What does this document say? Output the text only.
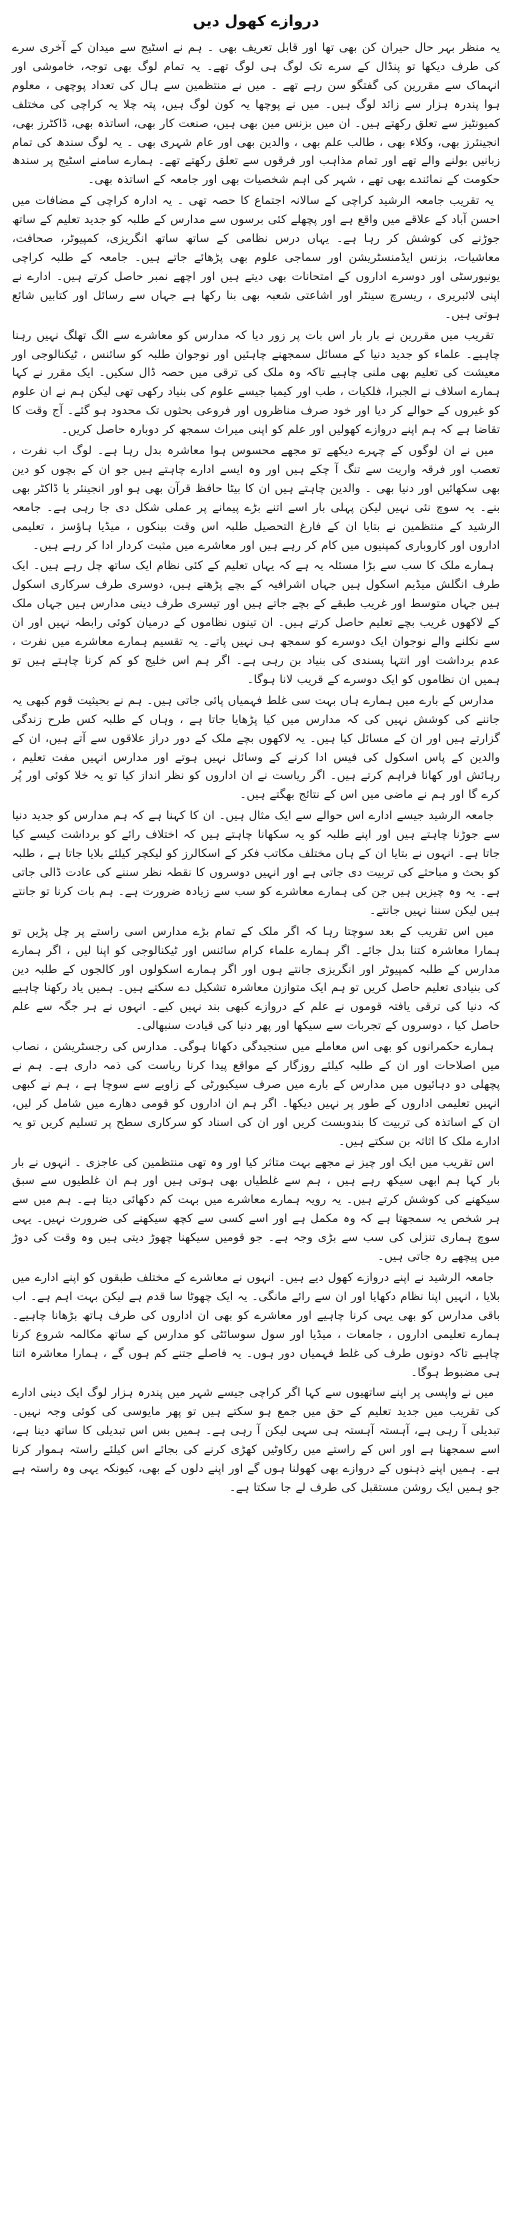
دروازے کھول دیں

یہ منظر بہر حال حیران کن بھی تھا اور قابل تعریف بھی ۔ ہم نے اسٹیج سے میدان کے آخری سرے کی طرف دیکھا تو پنڈال کے سرے تک لوگ ہی لوگ تھے۔ یہ تمام لوگ بھی توجہ، خاموشی اور انہماک سے مقررین کی گفتگو سن رہے تھے ۔ میں نے منتظمین سے ہال کی تعداد پوچھی ، معلوم ہوا پندرہ ہزار سے زائد لوگ ہیں۔ میں نے پوچھا یہ کون لوگ ہیں، پتہ چلا یہ کراچی کی مختلف کمیونٹیز سے تعلق رکھتے ہیں۔ ان میں بزنس مین بھی ہیں، صنعت کار بھی، اساتذہ بھی، ڈاکٹرز بھی، انجینئرز بھی، وکلاء بھی ، طالب علم بھی ، والدین بھی اور عام شہری بھی ۔ یہ لوگ سندھ کی تمام زبانیں بولنے والے تھے اور تمام مذاہب اور فرقوں سے تعلق رکھتے تھے۔ ہمارے سامنے اسٹیج پر سندھ حکومت کے نمائندے بھی تھے ، شہر کی اہم شخصیات بھی اور جامعہ کے اساتذہ بھی۔

یہ تقریب جامعہ الرشید کراچی کے سالانہ اجتماع کا حصہ تھی ۔ یہ ادارہ کراچی کے مضافات میں احسن آباد کے علاقے میں واقع ہے اور پچھلے کئی برسوں سے مدارس کے طلبہ کو جدید تعلیم کے ساتھ جوڑنے کی کوشش کر رہا ہے۔ یہاں درس نظامی کے ساتھ ساتھ انگریزی، کمپیوٹر، صحافت، معاشیات، بزنس ایڈمنسٹریشن اور سماجی علوم بھی پڑھائے جاتے ہیں۔ جامعہ کے طلبہ کراچی یونیورسٹی اور دوسرے اداروں کے امتحانات بھی دیتے ہیں اور اچھے نمبر حاصل کرتے ہیں۔ ادارے نے اپنی لائبریری ، ریسرچ سینٹر اور اشاعتی شعبہ بھی بنا رکھا ہے جہاں سے رسائل اور کتابیں شائع ہوتی ہیں۔

تقریب میں مقررین نے بار بار اس بات پر زور دیا کہ مدارس کو معاشرے سے الگ تھلگ نہیں رہنا چاہیے۔ علماء کو جدید دنیا کے مسائل سمجھنے چاہئیں اور نوجوان طلبہ کو سائنس ، ٹیکنالوجی اور معیشت کی تعلیم بھی ملنی چاہیے تاکہ وہ ملک کی ترقی میں حصہ ڈال سکیں۔ ایک مقرر نے کہا ہمارے اسلاف نے الجبرا، فلکیات ، طب اور کیمیا جیسے علوم کی بنیاد رکھی تھی لیکن ہم نے ان علوم کو غیروں کے حوالے کر دیا اور خود صرف مناظروں اور فروعی بحثوں تک محدود ہو گئے۔ آج وقت کا تقاضا ہے کہ ہم اپنے دروازے کھولیں اور علم کو اپنی میراث سمجھ کر دوبارہ حاصل کریں۔

میں نے ان لوگوں کے چہرے دیکھے تو مجھے محسوس ہوا معاشرہ بدل رہا ہے۔ لوگ اب نفرت ، تعصب اور فرقہ واریت سے تنگ آ چکے ہیں اور وہ ایسے ادارے چاہتے ہیں جو ان کے بچوں کو دین بھی سکھائیں اور دنیا بھی ۔ والدین چاہتے ہیں ان کا بیٹا حافظ قرآن بھی ہو اور انجینئر یا ڈاکٹر بھی بنے۔ یہ سوچ نئی نہیں لیکن پہلی بار اسے اتنے بڑے پیمانے پر عملی شکل دی جا رہی ہے۔ جامعہ الرشید کے منتظمین نے بتایا ان کے فارغ التحصیل طلبہ اس وقت بینکوں ، میڈیا ہاؤسز ، تعلیمی اداروں اور کاروباری کمپنیوں میں کام کر رہے ہیں اور معاشرے میں مثبت کردار ادا کر رہے ہیں۔

ہمارے ملک کا سب سے بڑا مسئلہ یہ ہے کہ یہاں تعلیم کے کئی نظام ایک ساتھ چل رہے ہیں۔ ایک طرف انگلش میڈیم اسکول ہیں جہاں اشرافیہ کے بچے پڑھتے ہیں، دوسری طرف سرکاری اسکول ہیں جہاں متوسط اور غریب طبقے کے بچے جاتے ہیں اور تیسری طرف دینی مدارس ہیں جہاں ملک کے لاکھوں غریب بچے تعلیم حاصل کرتے ہیں۔ ان تینوں نظاموں کے درمیان کوئی رابطہ نہیں اور ان سے نکلنے والے نوجوان ایک دوسرے کو سمجھ ہی نہیں پاتے۔ یہ تقسیم ہمارے معاشرے میں نفرت ، عدم برداشت اور انتہا پسندی کی بنیاد بن رہی ہے۔ اگر ہم اس خلیج کو کم کرنا چاہتے ہیں تو ہمیں ان نظاموں کو ایک دوسرے کے قریب لانا ہوگا۔

مدارس کے بارے میں ہمارے ہاں بہت سی غلط فہمیاں پائی جاتی ہیں۔ ہم نے بحیثیت قوم کبھی یہ جاننے کی کوشش نہیں کی کہ مدارس میں کیا پڑھایا جاتا ہے ، وہاں کے طلبہ کس طرح زندگی گزارتے ہیں اور ان کے مسائل کیا ہیں۔ یہ لاکھوں بچے ملک کے دور دراز علاقوں سے آتے ہیں، ان کے والدین کے پاس اسکول کی فیس ادا کرنے کے وسائل نہیں ہوتے اور مدارس انہیں مفت تعلیم ، رہائش اور کھانا فراہم کرتے ہیں۔ اگر ریاست نے ان اداروں کو نظر انداز کیا تو یہ خلا کوئی اور پُر کرے گا اور ہم نے ماضی میں اس کے نتائج بھگتے ہیں۔

جامعہ الرشید جیسے ادارے اس حوالے سے ایک مثال ہیں۔ ان کا کہنا ہے کہ ہم مدارس کو جدید دنیا سے جوڑنا چاہتے ہیں اور اپنے طلبہ کو یہ سکھانا چاہتے ہیں کہ اختلاف رائے کو برداشت کیسے کیا جاتا ہے۔ انہوں نے بتایا ان کے ہاں مختلف مکاتب فکر کے اسکالرز کو لیکچر کیلئے بلایا جاتا ہے ، طلبہ کو بحث و مباحثے کی تربیت دی جاتی ہے اور انہیں دوسروں کا نقطہ نظر سننے کی عادت ڈالی جاتی ہے۔ یہ وہ چیزیں ہیں جن کی ہمارے معاشرے کو سب سے زیادہ ضرورت ہے۔ ہم بات کرنا تو جانتے ہیں لیکن سننا نہیں جانتے۔

میں اس تقریب کے بعد سوچتا رہا کہ اگر ملک کے تمام بڑے مدارس اسی راستے پر چل پڑیں تو ہمارا معاشرہ کتنا بدل جائے۔ اگر ہمارے علماء کرام سائنس اور ٹیکنالوجی کو اپنا لیں ، اگر ہمارے مدارس کے طلبہ کمپیوٹر اور انگریزی جانتے ہوں اور اگر ہمارے اسکولوں اور کالجوں کے طلبہ دین کی بنیادی تعلیم حاصل کریں تو ہم ایک متوازن معاشرہ تشکیل دے سکتے ہیں۔ ہمیں یاد رکھنا چاہیے کہ دنیا کی ترقی یافتہ قوموں نے علم کے دروازے کبھی بند نہیں کیے۔ انہوں نے ہر جگہ سے علم حاصل کیا ، دوسروں کے تجربات سے سیکھا اور پھر دنیا کی قیادت سنبھالی۔

ہمارے حکمرانوں کو بھی اس معاملے میں سنجیدگی دکھانا ہوگی۔ مدارس کی رجسٹریشن ، نصاب میں اصلاحات اور ان کے طلبہ کیلئے روزگار کے مواقع پیدا کرنا ریاست کی ذمہ داری ہے۔ ہم نے پچھلی دو دہائیوں میں مدارس کے بارے میں صرف سیکیورٹی کے زاویے سے سوچا ہے ، ہم نے کبھی انہیں تعلیمی اداروں کے طور پر نہیں دیکھا۔ اگر ہم ان اداروں کو قومی دھارے میں شامل کر لیں، ان کے اساتذہ کی تربیت کا بندوبست کریں اور ان کی اسناد کو سرکاری سطح پر تسلیم کریں تو یہ ادارے ملک کا اثاثہ بن سکتے ہیں۔

اس تقریب میں ایک اور چیز نے مجھے بہت متاثر کیا اور وہ تھی منتظمین کی عاجزی ۔ انہوں نے بار بار کہا ہم ابھی سیکھ رہے ہیں ، ہم سے غلطیاں بھی ہوتی ہیں اور ہم ان غلطیوں سے سبق سیکھنے کی کوشش کرتے ہیں۔ یہ رویہ ہمارے معاشرے میں بہت کم دکھائی دیتا ہے۔ ہم میں سے ہر شخص یہ سمجھتا ہے کہ وہ مکمل ہے اور اسے کسی سے کچھ سیکھنے کی ضرورت نہیں۔ یہی سوچ ہماری تنزلی کی سب سے بڑی وجہ ہے۔ جو قومیں سیکھنا چھوڑ دیتی ہیں وہ وقت کی دوڑ میں پیچھے رہ جاتی ہیں۔

جامعہ الرشید نے اپنے دروازے کھول دیے ہیں۔ انہوں نے معاشرے کے مختلف طبقوں کو اپنے ادارے میں بلایا ، انہیں اپنا نظام دکھایا اور ان سے رائے مانگی۔ یہ ایک چھوٹا سا قدم ہے لیکن بہت اہم ہے۔ اب باقی مدارس کو بھی یہی کرنا چاہیے اور معاشرے کو بھی ان اداروں کی طرف ہاتھ بڑھانا چاہیے۔ ہمارے تعلیمی اداروں ، جامعات ، میڈیا اور سول سوسائٹی کو مدارس کے ساتھ مکالمہ شروع کرنا چاہیے تاکہ دونوں طرف کی غلط فہمیاں دور ہوں۔ یہ فاصلے جتنے کم ہوں گے ، ہمارا معاشرہ اتنا ہی مضبوط ہوگا۔

میں نے واپسی پر اپنے ساتھیوں سے کہا اگر کراچی جیسے شہر میں پندرہ ہزار لوگ ایک دینی ادارے کی تقریب میں جدید تعلیم کے حق میں جمع ہو سکتے ہیں تو پھر مایوسی کی کوئی وجہ نہیں۔ تبدیلی آ رہی ہے، آہستہ آہستہ ہی سہی لیکن آ رہی ہے۔ ہمیں بس اس تبدیلی کا ساتھ دینا ہے، اسے سمجھنا ہے اور اس کے راستے میں رکاوٹیں کھڑی کرنے کی بجائے اس کیلئے راستہ ہموار کرنا ہے۔ ہمیں اپنے ذہنوں کے دروازے بھی کھولنا ہوں گے اور اپنے دلوں کے بھی، کیونکہ یہی وہ راستہ ہے جو ہمیں ایک روشن مستقبل کی طرف لے جا سکتا ہے۔
